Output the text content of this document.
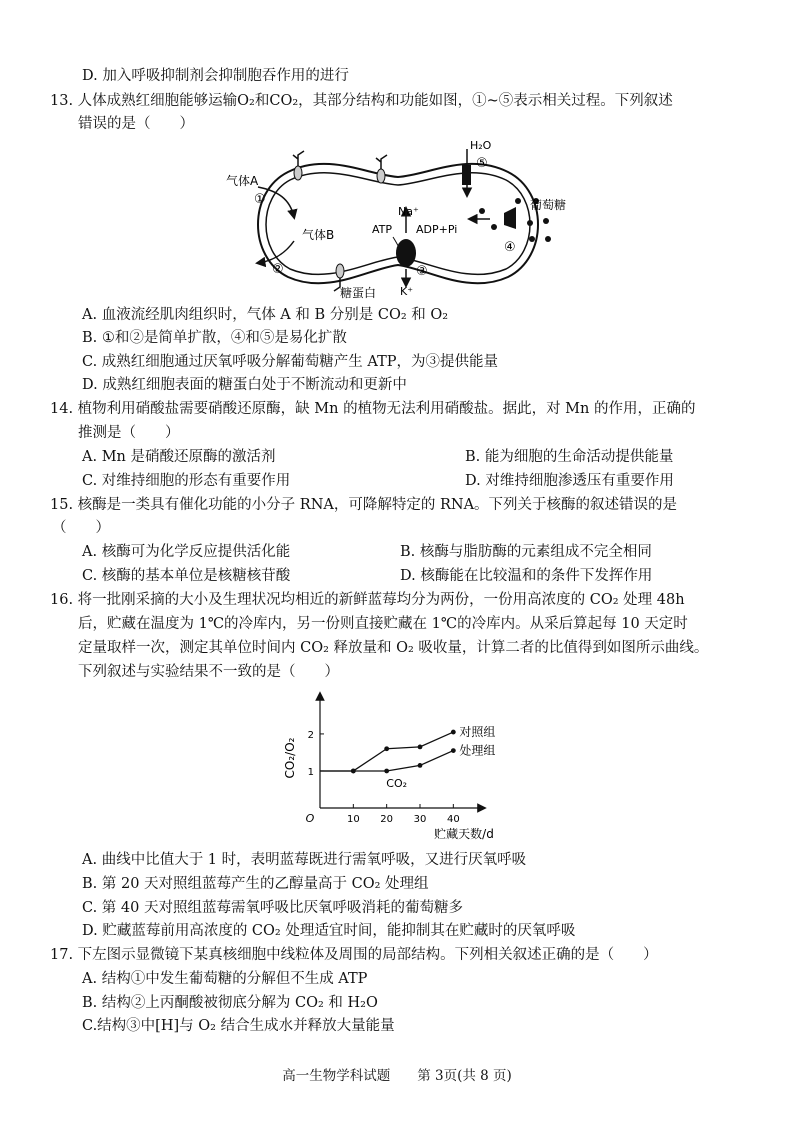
D. 加入呼吸抑制剂会抑制胞吞作用的进行
13. 人体成熟红细胞能够运输O₂和CO₂，其部分结构和功能如图，①~⑤表示相关过程。下列叙述
错误的是（　　）
气体A
①
气体B
②
糖蛋白
Na⁺
ATP ADP+Pi
③
K⁺
H₂O
⑤
葡萄糖
④
A. 血液流经肌肉组织时，气体 A 和 B 分别是 CO₂ 和 O₂
B. ①和②是简单扩散，④和⑤是易化扩散
C. 成熟红细胞通过厌氧呼吸分解葡萄糖产生 ATP，为③提供能量
D. 成熟红细胞表面的糖蛋白处于不断流动和更新中
14. 植物利用硝酸盐需要硝酸还原酶，缺 Mn 的植物无法利用硝酸盐。据此，对 Mn 的作用，正确的
推测是（　　）
A. Mn 是硝酸还原酶的激活剂	B. 能为细胞的生命活动提供能量
C. 对维持细胞的形态有重要作用	D. 对维持细胞渗透压有重要作用
15. 核酶是一类具有催化功能的小分子 RNA，可降解特定的 RNA。下列关于核酶的叙述错误的是
（　　）
A. 核酶可为化学反应提供活化能	B. 核酶与脂肪酶的元素组成不完全相同
C. 核酶的基本单位是核糖核苷酸	D. 核酶能在比较温和的条件下发挥作用
16. 将一批刚采摘的大小及生理状况均相近的新鲜蓝莓均分为两份，一份用高浓度的 CO₂ 处理 48h
后，贮藏在温度为 1℃的冷库内，另一份则直接贮藏在 1℃的冷库内。从采后算起每 10 天定时
定量取样一次，测定其单位时间内 CO₂ 释放量和 O₂ 吸收量，计算二者的比值得到如图所示曲线。
下列叙述与实验结果不一致的是（　　）
10 20 30 40
1
2
O
贮藏天数/d
CO₂/O₂
对照组
处理组
CO₂
A. 曲线中比值大于 1 时，表明蓝莓既进行需氧呼吸，又进行厌氧呼吸
B. 第 20 天对照组蓝莓产生的乙醇量高于 CO₂ 处理组
C. 第 40 天对照组蓝莓需氧呼吸比厌氧呼吸消耗的葡萄糖多
D. 贮藏蓝莓前用高浓度的 CO₂ 处理适宜时间，能抑制其在贮藏时的厌氧呼吸
17. 下左图示显微镜下某真核细胞中线粒体及周围的局部结构。下列相关叙述正确的是（　　）
A. 结构①中发生葡萄糖的分解但不生成 ATP
B. 结构②上丙酮酸被彻底分解为 CO₂ 和 H₂O
C.结构③中[H]与 O₂ 结合生成水并释放大量能量
高一生物学科试题　　第 3页(共 8 页)
